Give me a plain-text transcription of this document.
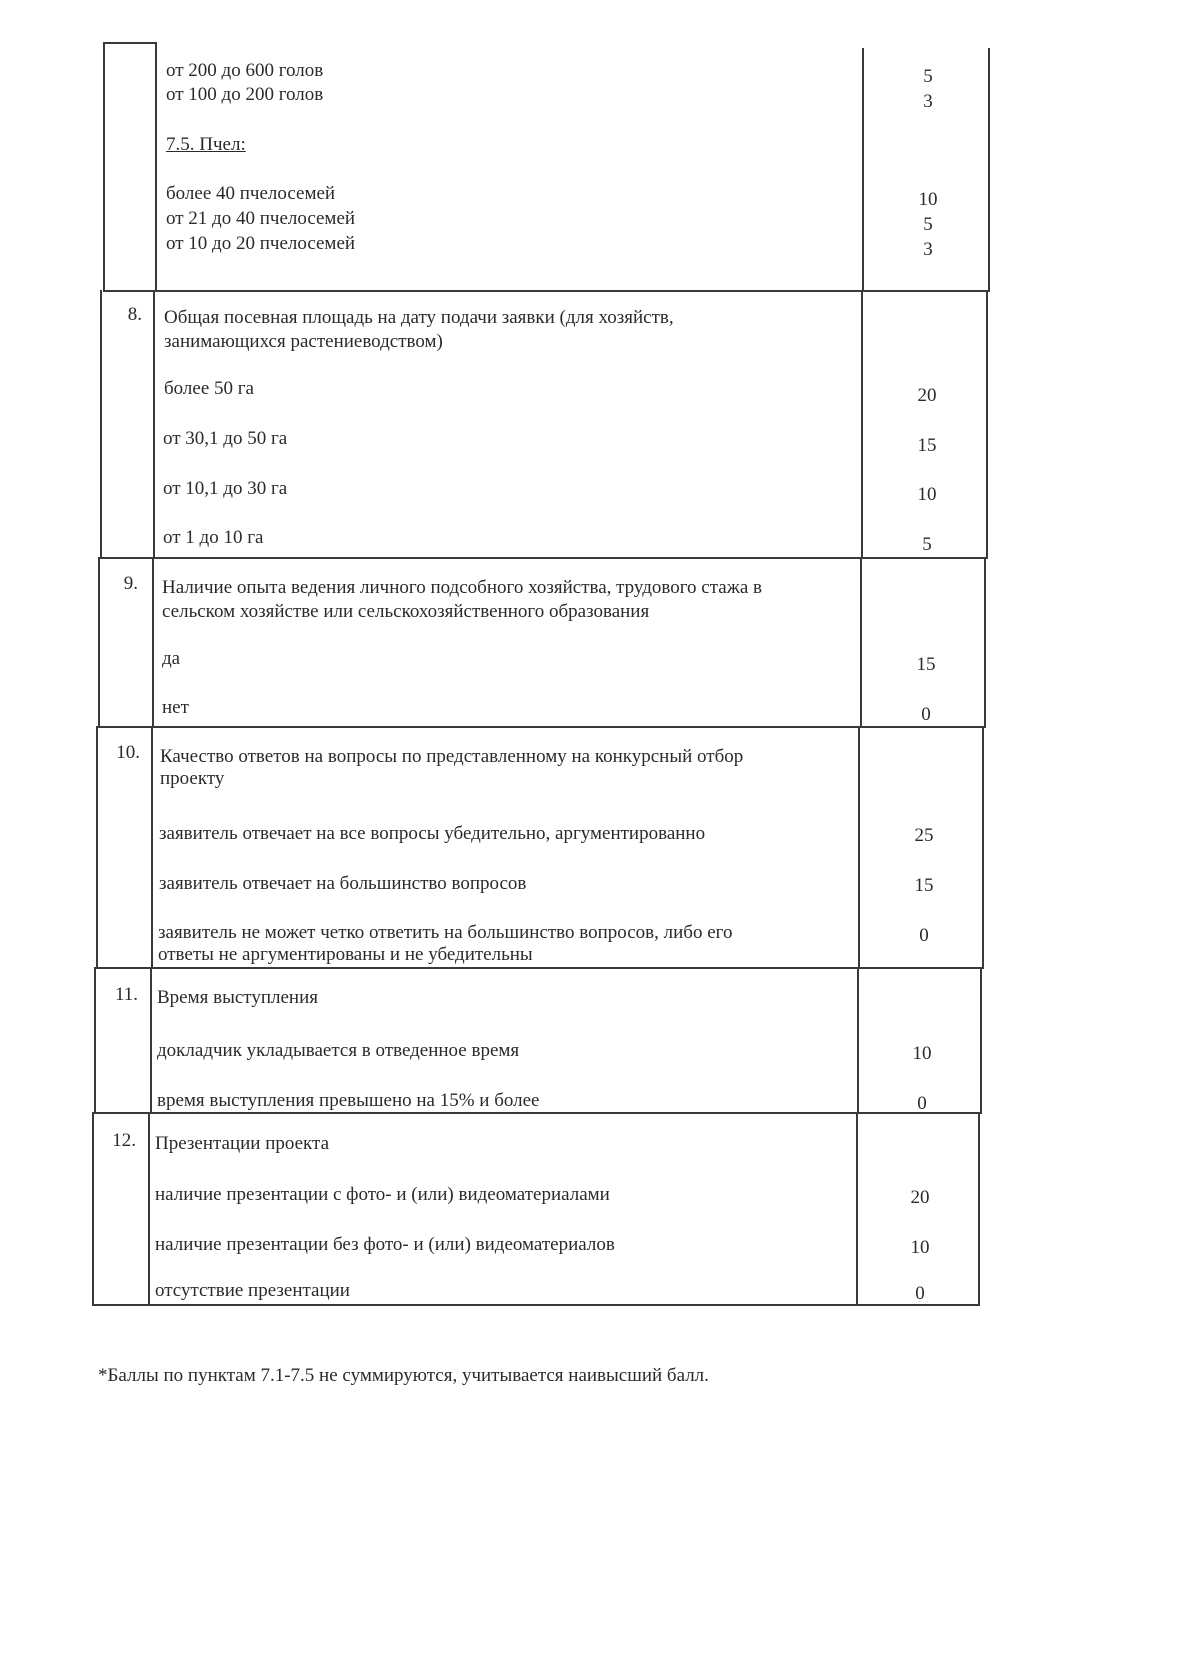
от 200 до 600 голов
от 100 до 200 голов
7.5. Пчел:
более 40 пчелосемей
от 21 до 40 пчелосемей
от 10 до 20 пчелосемей
5
3
10
5
3
8. Общая посевная площадь на дату подачи заявки (для хозяйств,
занимающихся растениеводством)
более 50 га
от 30,1 до 50 га
от 10,1 до 30 га
от 1 до 10 га
20
15
10
5
9. Наличие опыта ведения личного подсобного хозяйства, трудового стажа в
сельском хозяйстве или сельскохозяйственного образования
да
нет
15
0
10. Качество ответов на вопросы по представленному на конкурсный отбор
проекту
заявитель отвечает на все вопросы убедительно, аргументированно
заявитель отвечает на большинство вопросов
заявитель не может четко ответить на большинство вопросов, либо его
ответы не аргументированы и не убедительны
25
15
0
11. Время выступления
докладчик укладывается в отведенное время
время выступления превышено на 15% и более
10
0
12. Презентации проекта
наличие презентации с фото- и (или) видеоматериалами
наличие презентации без фото- и (или) видеоматериалов
отсутствие презентации
20
10
0
*Баллы по пунктам 7.1-7.5 не суммируются, учитывается наивысший балл.
